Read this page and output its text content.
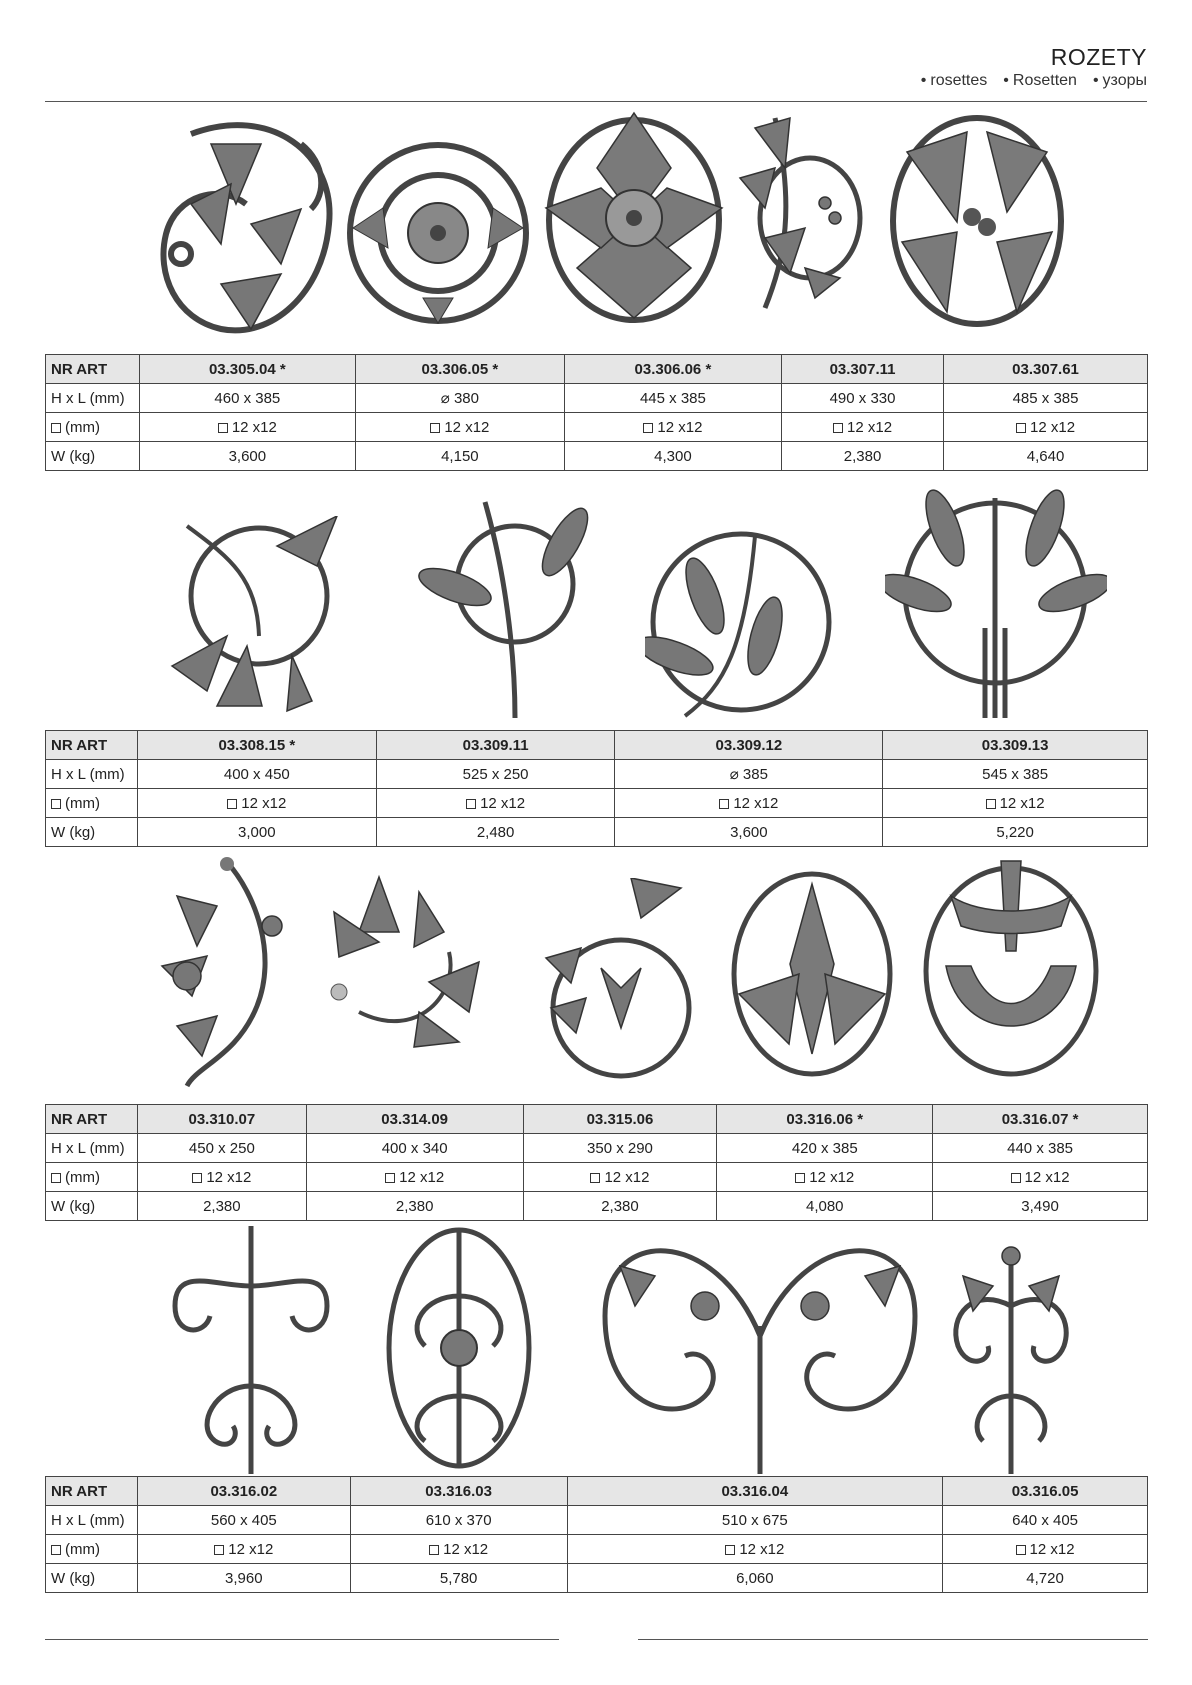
ROZETY
• rosettes • Rosetten • узоры
NR ART	03.305.04 *	03.306.05 *	03.306.06 *	03.307.11	03.307.61
H x L (mm)	460 x 385	⌀ 380	445 x 385	490 x 330	485 x 385
(mm)	12 x12	12 x12	12 x12	12 x12	12 x12
W (kg)	3,600	4,150	4,300	2,380	4,640
NR ART	03.308.15 *	03.309.11	03.309.12	03.309.13
H x L (mm)	400 x 450	525 x 250	⌀ 385	545 x 385
(mm)	12 x12	12 x12	12 x12	12 x12
W (kg)	3,000	2,480	3,600	5,220
NR ART	03.310.07	03.314.09	03.315.06	03.316.06 *	03.316.07 *
H x L (mm)	450 x 250	400 x 340	350 x 290	420 x 385	440 x 385
(mm)	12 x12	12 x12	12 x12	12 x12	12 x12
W (kg)	2,380	2,380	2,380	4,080	3,490
NR ART	03.316.02	03.316.03	03.316.04	03.316.05
H x L (mm)	560 x 405	610 x 370	510 x 675	640 x 405
(mm)	12 x12	12 x12	12 x12	12 x12
W (kg)	3,960	5,780	6,060	4,720
